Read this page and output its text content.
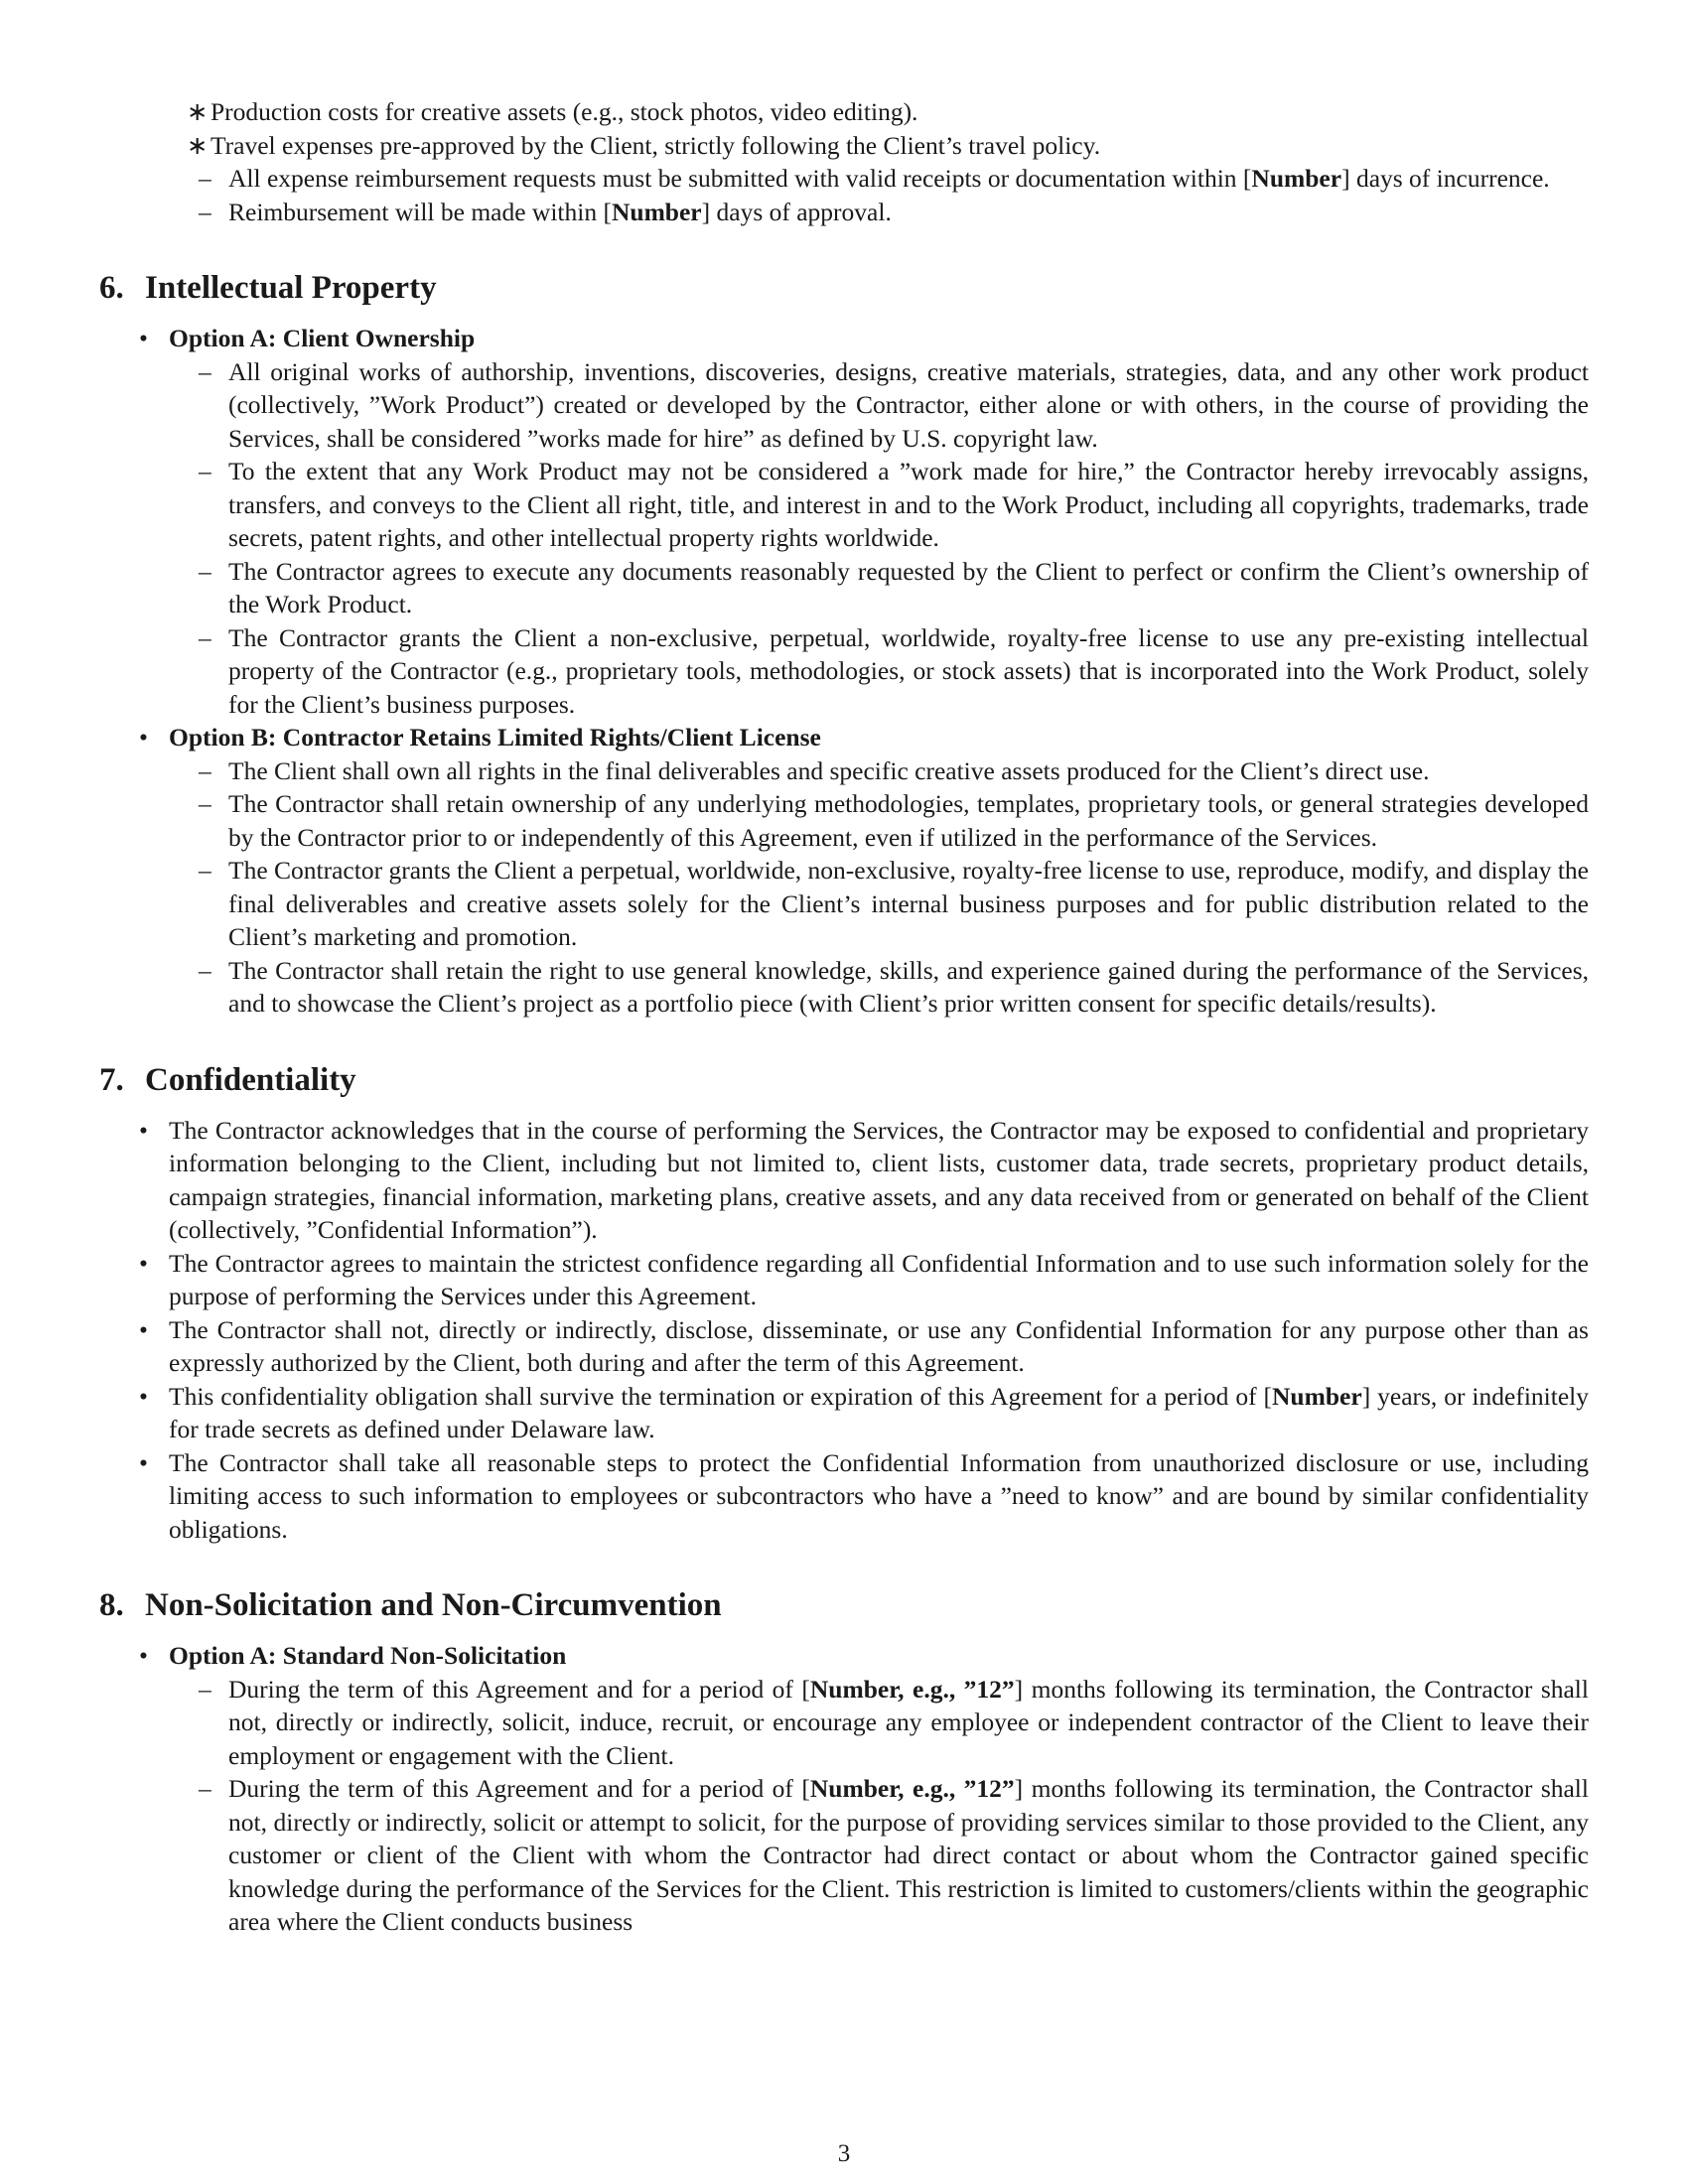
∗ Production costs for creative assets (e.g., stock photos, video editing).
∗ Travel expenses pre-approved by the Client, strictly following the Client’s travel policy.
– All expense reimbursement requests must be submitted with valid receipts or documentation within [Number] days of incurrence.
– Reimbursement will be made within [Number] days of approval.
6. Intellectual Property
• Option A: Client Ownership
– All original works of authorship, inventions, discoveries, designs, creative materials, strategies, data, and any other work product (collectively, ”Work Product”) created or developed by the Contractor, either alone or with others, in the course of providing the Services, shall be considered ”works made for hire” as defined by U.S. copyright law.
– To the extent that any Work Product may not be considered a ”work made for hire,” the Contractor hereby irrevocably assigns, transfers, and conveys to the Client all right, title, and interest in and to the Work Product, including all copyrights, trademarks, trade secrets, patent rights, and other intellectual property rights worldwide.
– The Contractor agrees to execute any documents reasonably requested by the Client to perfect or confirm the Client’s ownership of the Work Product.
– The Contractor grants the Client a non-exclusive, perpetual, worldwide, royalty-free license to use any pre-existing intellectual property of the Contractor (e.g., proprietary tools, methodologies, or stock assets) that is incorporated into the Work Product, solely for the Client’s business purposes.
• Option B: Contractor Retains Limited Rights/Client License
– The Client shall own all rights in the final deliverables and specific creative assets produced for the Client’s direct use.
– The Contractor shall retain ownership of any underlying methodologies, templates, proprietary tools, or general strategies developed by the Contractor prior to or independently of this Agreement, even if utilized in the performance of the Services.
– The Contractor grants the Client a perpetual, worldwide, non-exclusive, royalty-free license to use, reproduce, modify, and display the final deliverables and creative assets solely for the Client’s internal business purposes and for public distribution related to the Client’s marketing and promotion.
– The Contractor shall retain the right to use general knowledge, skills, and experience gained during the performance of the Services, and to showcase the Client’s project as a portfolio piece (with Client’s prior written consent for specific details/results).
7. Confidentiality
• The Contractor acknowledges that in the course of performing the Services, the Contractor may be exposed to confidential and proprietary information belonging to the Client, including but not limited to, client lists, customer data, trade secrets, proprietary product details, campaign strategies, financial information, marketing plans, creative assets, and any data received from or generated on behalf of the Client (collectively, ”Confidential Information”).
• The Contractor agrees to maintain the strictest confidence regarding all Confidential Information and to use such information solely for the purpose of performing the Services under this Agreement.
• The Contractor shall not, directly or indirectly, disclose, disseminate, or use any Confidential Information for any purpose other than as expressly authorized by the Client, both during and after the term of this Agreement.
• This confidentiality obligation shall survive the termination or expiration of this Agreement for a period of [Number] years, or indefinitely for trade secrets as defined under Delaware law.
• The Contractor shall take all reasonable steps to protect the Confidential Information from unauthorized disclosure or use, including limiting access to such information to employees or subcontractors who have a ”need to know” and are bound by similar confidentiality obligations.
8. Non-Solicitation and Non-Circumvention
• Option A: Standard Non-Solicitation
– During the term of this Agreement and for a period of [Number, e.g., ”12”] months following its termination, the Contractor shall not, directly or indirectly, solicit, induce, recruit, or encourage any employee or independent contractor of the Client to leave their employment or engagement with the Client.
– During the term of this Agreement and for a period of [Number, e.g., ”12”] months following its termination, the Contractor shall not, directly or indirectly, solicit or attempt to solicit, for the purpose of providing services similar to those provided to the Client, any customer or client of the Client with whom the Contractor had direct contact or about whom the Contractor gained specific knowledge during the performance of the Services for the Client. This restriction is limited to customers/clients within the geographic area where the Client conducts business
3
